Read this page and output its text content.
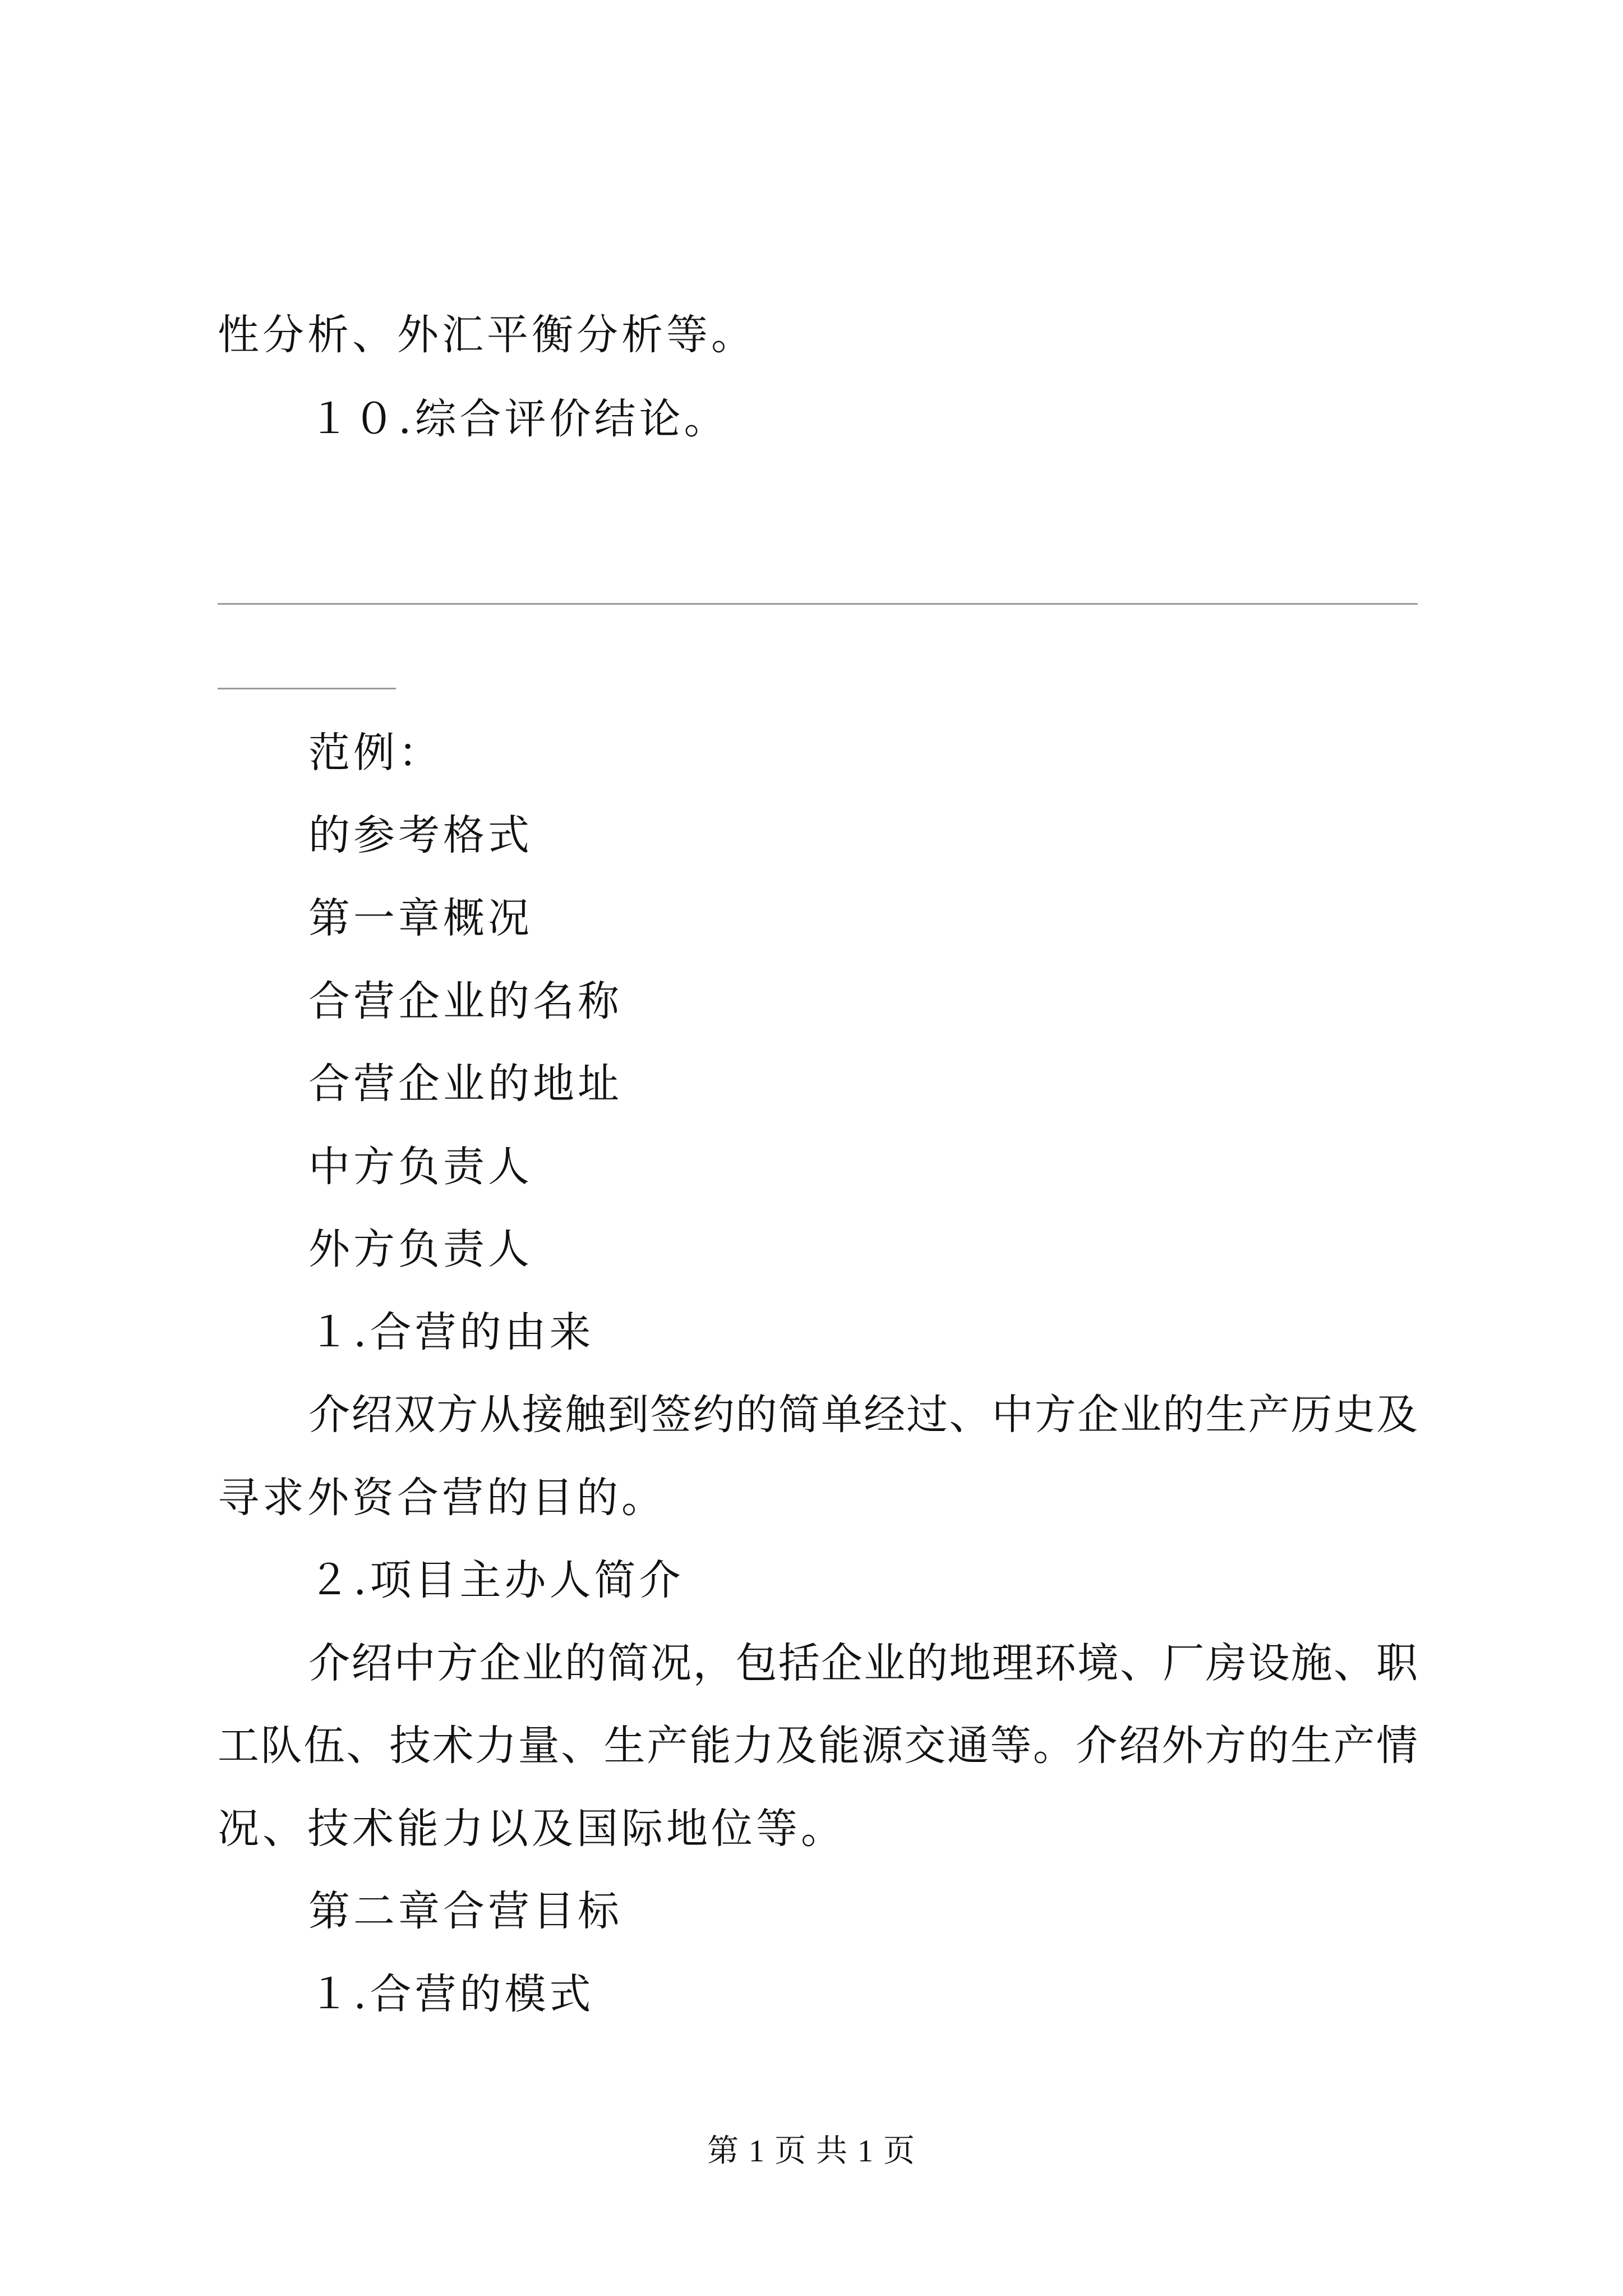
性分析、外汇平衡分析等。
１０.综合评价结论。
范例：
的参考格式
第一章概况
合营企业的名称
合营企业的地址
中方负责人
外方负责人
１.合营的由来
介绍双方从接触到签约的简单经过、中方企业的生产历史及
寻求外资合营的目的。
２.项目主办人简介
介绍中方企业的简况，包括企业的地理环境、厂房设施、职
工队伍、技术力量、生产能力及能源交通等。介绍外方的生产情
况、技术能力以及国际地位等。
第二章合营目标
１.合营的模式
第 1 页 共 1 页
